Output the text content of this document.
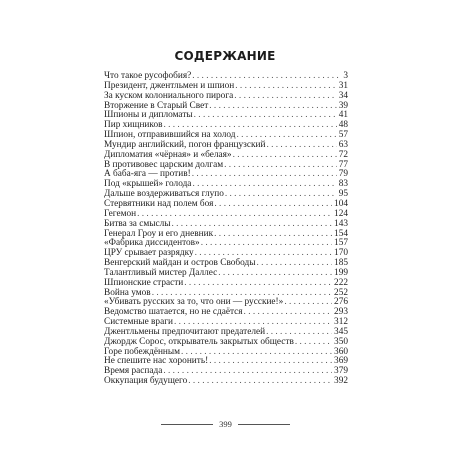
СОДЕРЖАНИЕ
Что такое русофобия? . . .	3
Президент, джентльмен и шпион . . .	31
За куском колониального пирога . . .	34
Вторжение в Старый Свет . . .	39
Шпионы и дипломаты . . .	41
Пир хищников . . .	48
Шпион, отправившийся на холод . . .	57
Мундир английский, погон французский . . .	63
Дипломатия «чёрная» и «белая» . . .	72
В противовес царским долгам . . .	77
А баба-яга — против! . . .	79
Под «крышей» голода . . .	83
Дальше воздерживаться глупо . . .	95
Стервятники над полем боя . . .	104
Гегемон . . .	124
Битва за смыслы . . .	143
Генерал Гроу и его дневник . . .	154
«Фабрика диссидентов» . . .	157
ЦРУ срывает разрядку . . .	170
Венгерский майдан и остров Свободы . . .	185
Талантливый мистер Даллес . . .	199
Шпионские страсти . . .	222
Война умов . . .	252
«Убивать русских за то, что они — русские!» . . .	276
Ведомство шатается, но не сдаётся . . .	293
Системные враги . . .	312
Джентльмены предпочитают предателей . . .	345
Джордж Сорос, открыватель закрытых обществ . . .	350
Горе побеждённым . . .	360
Не спешите нас хоронить! . . .	369
Время распада . . .	379
Оккупация будущего . . .	392
399
